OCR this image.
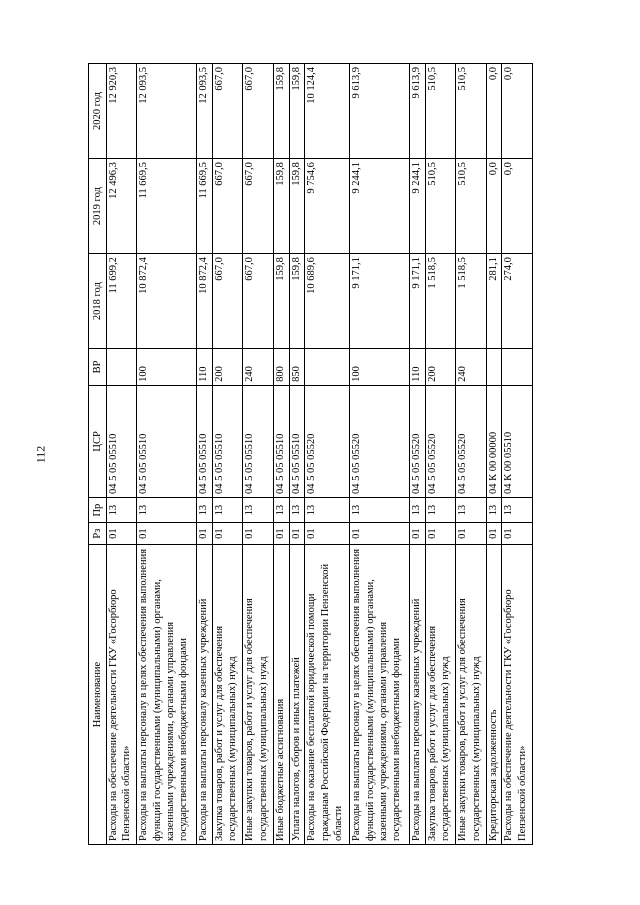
112
Наименование	Рз	Пр	ЦСР	ВР	2018 год	2019 год	2020 год
Расходы на обеспечение деятельности ГКУ «Госорбюро Пензенской области»	01	13	04 5 05 05510		11 699,2	12 496,3	12 920,3
Расходы на выплаты персоналу в целях обеспечения выполнения функций государственными (муниципальными) органами, казенными учреждениями, органами управления государственными внебюджетными фондами	01	13	04 5 05 05510	100	10 872,4	11 669,5	12 093,5
Расходы на выплаты персоналу казенных учреждений	01	13	04 5 05 05510	110	10 872,4	11 669,5	12 093,5
Закупка товаров, работ и услуг для обеспечения государственных (муниципальных) нужд	01	13	04 5 05 05510	200	667,0	667,0	667,0
Иные закупки товаров, работ и услуг для обеспечения государственных (муниципальных) нужд	01	13	04 5 05 05510	240	667,0	667,0	667,0
Иные бюджетные ассигнования	01	13	04 5 05 05510	800	159,8	159,8	159,8
Уплата налогов, сборов и иных платежей	01	13	04 5 05 05510	850	159,8	159,8	159,8
Расходы на оказание бесплатной юридической помощи гражданам Российской Федерации на территории Пензенской области	01	13	04 5 05 05520		10 689,6	9 754,6	10 124,4
Расходы на выплаты персоналу в целях обеспечения выполнения функций государственными (муниципальными) органами, казенными учреждениями, органами управления государственными внебюджетными фондами	01	13	04 5 05 05520	100	9 171,1	9 244,1	9 613,9
Расходы на выплаты персоналу казенных учреждений	01	13	04 5 05 05520	110	9 171,1	9 244,1	9 613,9
Закупка товаров, работ и услуг для обеспечения государственных (муниципальных) нужд	01	13	04 5 05 05520	200	1 518,5	510,5	510,5
Иные закупки товаров, работ и услуг для обеспечения государственных (муниципальных) нужд	01	13	04 5 05 05520	240	1 518,5	510,5	510,5
Кредиторская задолженность	01	13	04 К 00 00000		281,1	0,0	0,0
Расходы на обеспечение деятельности ГКУ «Госорбюро Пензенской области»	01	13	04 К 00 05510		274,0	0,0	0,0
